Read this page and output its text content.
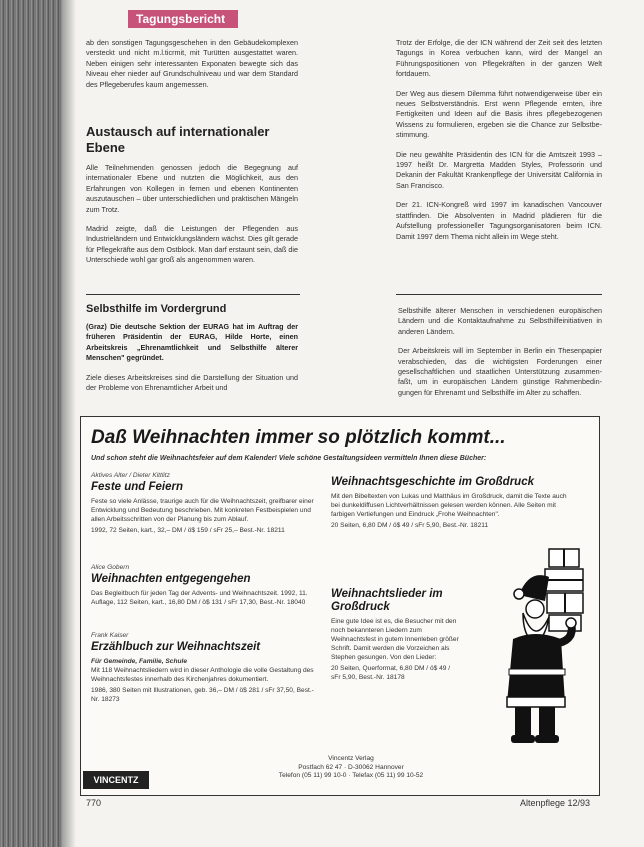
Tagungsbericht

ab den sonstigen Tagungsgeschehen in den Gebäudekomplexen versteckt und nicht m.l.ticrmit, mit Turütten ausgestattet waren. Neben einigen sehr interessanten Exponaten bewegte sich das Niveau eher nieder auf Grundschulniveau und war dem Standard des Pflegeberufes kaum angemessen.

Austausch auf internationaler Ebene

Alle Teilnehmenden genossen jedoch die Begegnung auf internationaler Ebene und nutzten die Möglichkeit, aus den Erfahrungen von Kollegen in fernen und ebenen Kontinenten auszutauschen – über unterschiedlichen und praktischen Mängeln zum Trotz.

Madrid zeigte, daß die Leistungen der Pflegenden aus Industrieländern und Entwicklungsländern wächst. Dies gilt gerade für Pflegekräfte aus dem Ostblock. Man darf erstaunt sein, daß die Unterschiede wohl gar groß als angenommen waren.

Trotz der Erfolge, die der ICN während der Zeit seit des letzten Tagungs in Korea verbuchen kann, wird der Mangel an Führungspositionen von Pflegekräften in der ganzen Welt fortdauern.

Der Weg aus diesem Dilemma führt notwendigerweise über ein neues Selbstverständnis. Erst wenn Pflegende ernten, ihre Fertigkeiten und Ideen auf die Basis ihres pflegebezogenen Wissens zu formulieren, ergeben sie die Chance zur Selbstbestimmung.

Die neu gewählte Präsidentin des ICN für die Amtszeit 1993 – 1997 heißt Dr. Margretta Madden Styles, Professorin und Dekanin der Fakultät Krankenpflege der Universität California in San Francisco.

Der 21. ICN-Kongreß wird 1997 im kanadischen Vancouver stattfinden. Die Absolventen in Madrid plädieren für die Aufstellung professioneller Tagungsorganisatoren beim ICN. Damit 1997 dem Thema nicht allein im Wege steht.

Selbsthilfe im Vordergrund

(Graz) Die deutsche Sektion der EURAG hat im Auftrag der früheren Präsidentin der EURAG, Hilde Horte, einen Arbeitskreis „Ehrenamtlichkeit und Selbsthilfe älterer Menschen" gegründet.

Ziele dieses Arbeitskreises sind die Darstellung der Situation und der Probleme von Ehrenamtlicher Arbeit und

Selbsthilfe älterer Menschen in verschiedenen europäischen Ländern und die Kontaktaufnahme zu Selbsthilfeinitiativen in anderen Ländern.

Der Arbeitskreis will im September in Berlin ein Thesenpapier verabschieden, das die wichtigsten Forderungen einer gesellschaftlichen und staatlichen Unterstützung zusammenfaßt, um in europäischen Ländern günstige Rahmenbedingungen für Ehrenamt und Selbsthilfe im Alter zu schaffen.

Daß Weihnachten immer so plötzlich kommt...
Und schon steht die Weihnachtsfeier auf dem Kalender! Viele schöne Gestaltungsideen vermitteln Ihnen diese Bücher:
Aktives Alter / Dieter Kittlitz
Feste und Feiern
Feste so viele Anlässe, traurige auch für die Weihnachtszeit, greifbarer einer Entwicklung und Bedeutung beschrieben. Mit konkreten Festbeispielen und allen Arbeitsschritten von der Planung bis zum Ablauf.
1992, 72 Seiten, kart., 32,– DM / ö$ 159 / sFr 25,– Best.-Nr. 18211
Alice Gobern
Weihnachten entgegengehen
Das Begleitbuch für jeden Tag der Advents- und Weihnachtszeit. 1992, 11. Auflage, 112 Seiten, kart., 16,80 DM / ö$ 131 / sFr 17,30, Best.-Nr. 18040
Frank Kaiser
Erzählbuch zur Weihnachtszeit
Für Gemeinde, Familie, Schule
Mit 118 Weihnachtsliedern wird in dieser Anthologie die volle Gestaltung des Weihnachtsfestes innerhalb des Kirchenjahres dokumentiert.
1986, 380 Seiten mit Illustrationen, geb. 36,– DM / ö$ 281 / sFr 37,50, Best.-Nr. 18273
Weihnachtsgeschichte im Großdruck
Mit den Bibeltexten von Lukas und Matthäus im Großdruck, damit die Texte auch bei dunkeldiffusen Lichtverhältnissen gelesen werden können. Alle Seiten mit farbigen Vertiefungen und Eindruck „Frohe Weihnachten".
20 Seiten, 6,80 DM / ö$ 49 / sFr 5,90, Best.-Nr. 18211
Weihnachtslieder im Großdruck
Eine gute Idee ist es, die Besucher mit den noch bekannteren Liedern zum Weihnachtsfest in gutem Innenleben größer Schrift. Damit werden die Vorzeichen als Stephen gesungen. Von den Lieder:
20 Seiten, Querformat, 6,80 DM / ö$ 49 / sFr 5,90, Best.-Nr. 18178
Vincentz Verlag
Postfach 62 47 · D-30062 Hannover
Telefon (05 11) 99 10-0 · Telefax (05 11) 99 10-52
VINCENTZ
770	Altenpflege 12/93
